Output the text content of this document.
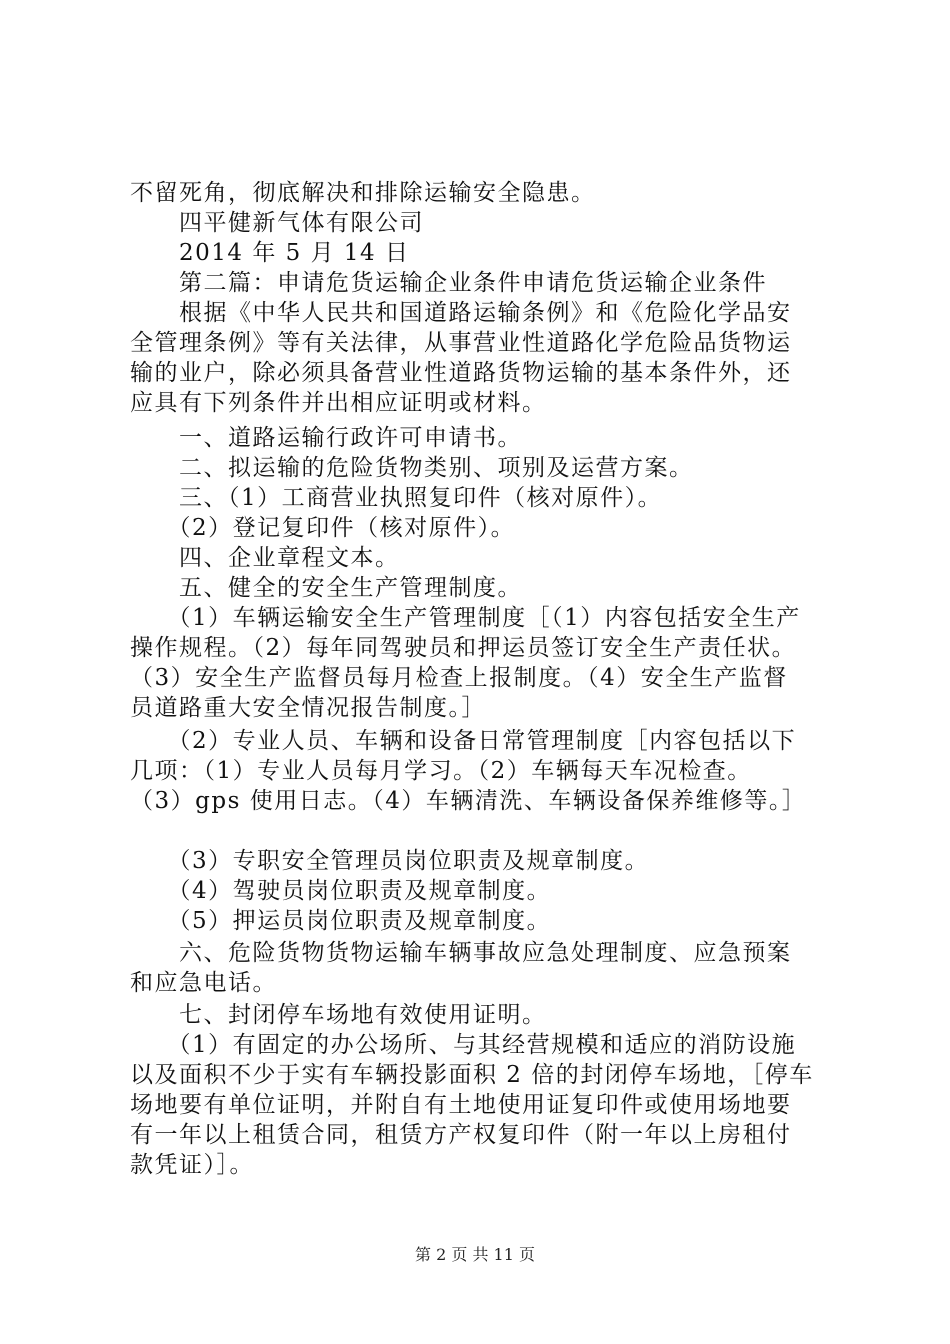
不留死角，彻底解决和排除运输安全隐患。
　　四平健新气体有限公司
　　2014 年 5 月 14 日
　　第二篇：申请危货运输企业条件申请危货运输企业条件
　　根据《中华人民共和国道路运输条例》和《危险化学品安
全管理条例》等有关法律，从事营业性道路化学危险品货物运
输的业户，除必须具备营业性道路货物运输的基本条件外，还
应具有下列条件并出相应证明或材料。
　　一、道路运输行政许可申请书。
　　二、拟运输的危险货物类别、项别及运营方案。
　　三、（1）工商营业执照复印件（核对原件）。
　　（2）登记复印件（核对原件）。
　　四、企业章程文本。
　　五、健全的安全生产管理制度。
　　（1）车辆运输安全生产管理制度［（1）内容包括安全生产
操作规程。（2）每年同驾驶员和押运员签订安全生产责任状。
（3）安全生产监督员每月检查上报制度。（4）安全生产监督
员道路重大安全情况报告制度。］
　　（2）专业人员、车辆和设备日常管理制度［内容包括以下
几项：（1）专业人员每月学习。（2）车辆每天车况检查。
（3）gps 使用日志。（4）车辆清洗、车辆设备保养维修等。］
　　（3）专职安全管理员岗位职责及规章制度。
　　（4）驾驶员岗位职责及规章制度。
　　（5）押运员岗位职责及规章制度。
　　六、危险货物货物运输车辆事故应急处理制度、应急预案
和应急电话。
　　七、封闭停车场地有效使用证明。
　　（1）有固定的办公场所、与其经营规模和适应的消防设施
以及面积不少于实有车辆投影面积 2 倍的封闭停车场地，［停车
场地要有单位证明，并附自有土地使用证复印件或使用场地要
有一年以上租赁合同，租赁方产权复印件（附一年以上房租付
款凭证）］。
第 2 页 共 11 页
